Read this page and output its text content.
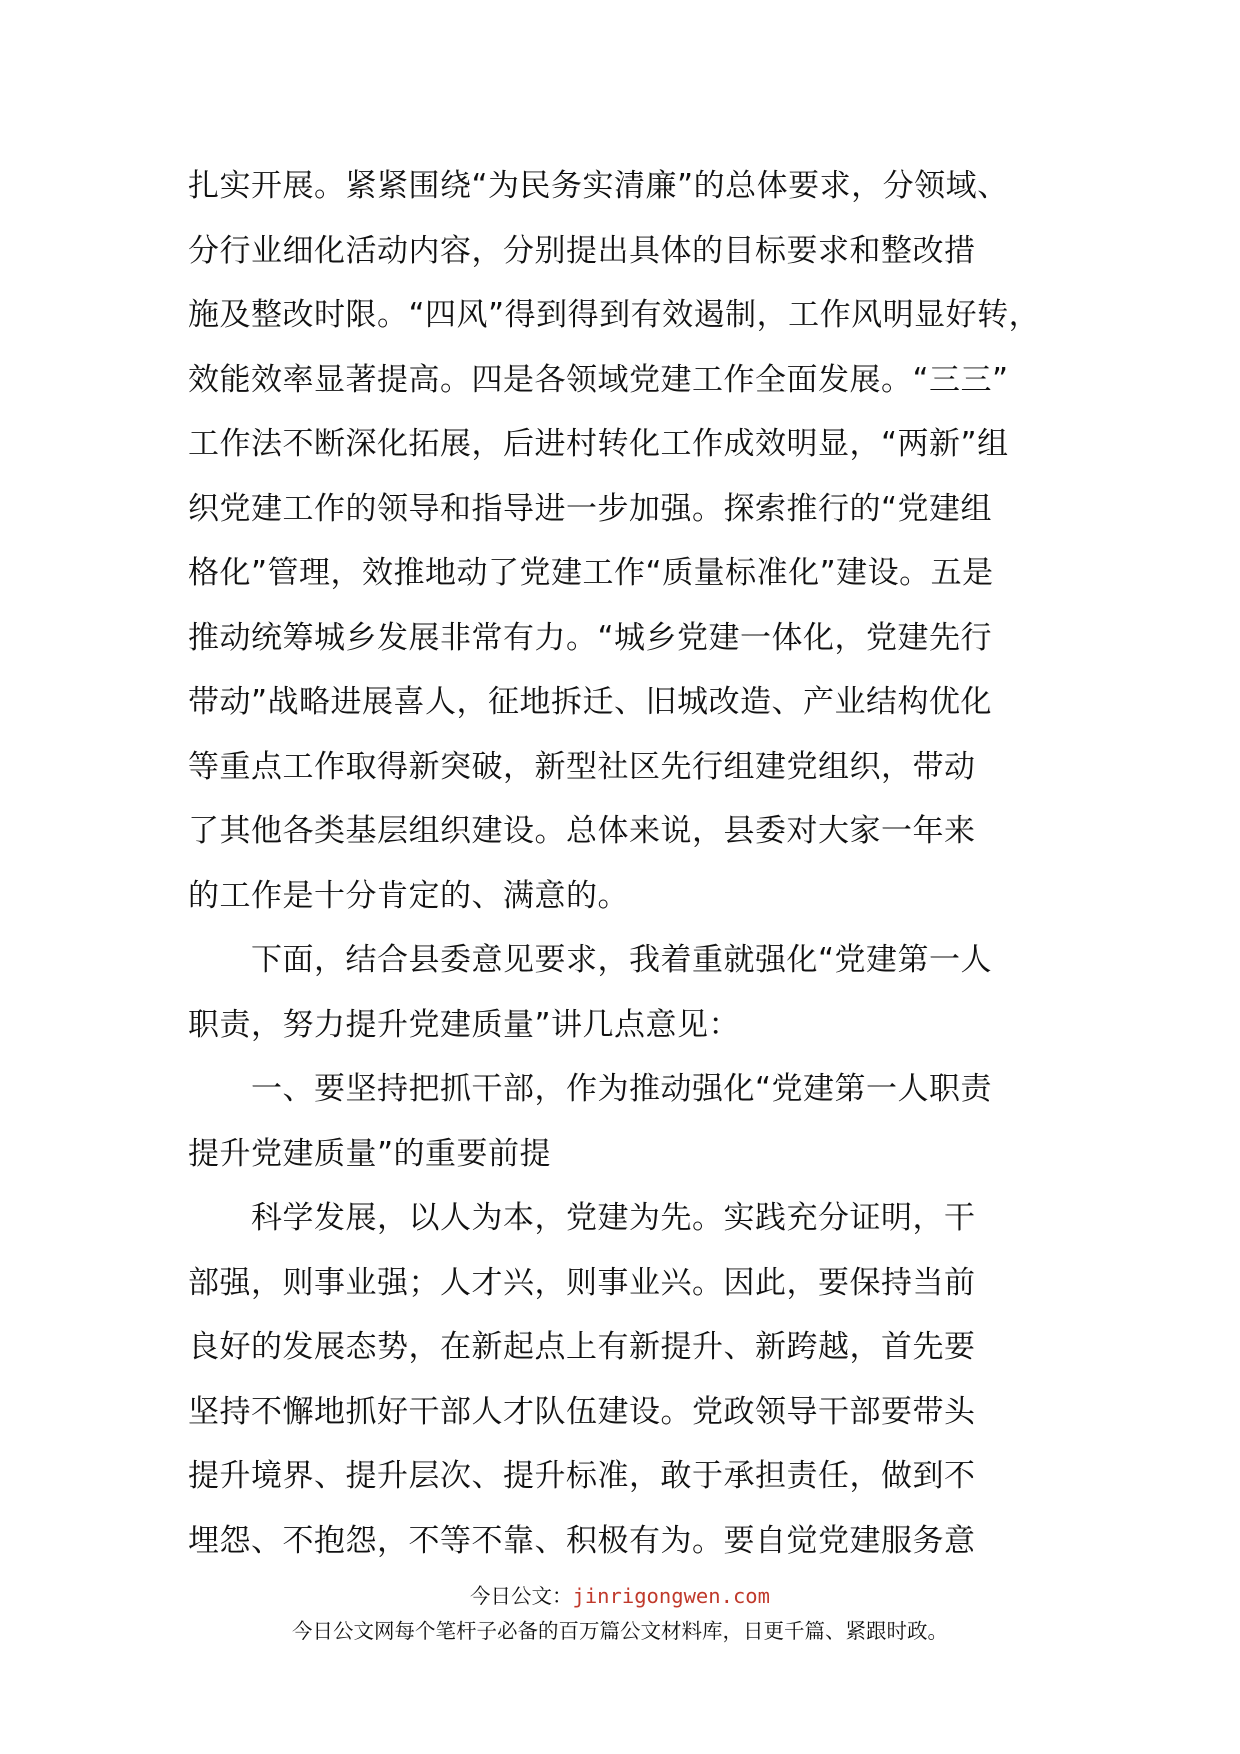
扎实开展。紧紧围绕“为民务实清廉”的总体要求，分领域、
分行业细化活动内容，分别提出具体的目标要求和整改措
施及整改时限。“四风”得到得到有效遏制，工作风明显好转，
效能效率显著提高。四是各领域党建工作全面发展。“三三”
工作法不断深化拓展，后进村转化工作成效明显，“两新”组
织党建工作的领导和指导进一步加强。探索推行的“党建组
格化”管理，效推地动了党建工作“质量标准化”建设。五是
推动统筹城乡发展非常有力。“城乡党建一体化，党建先行
带动”战略进展喜人，征地拆迁、旧城改造、产业结构优化
等重点工作取得新突破，新型社区先行组建党组织，带动
了其他各类基层组织建设。总体来说，县委对大家一年来
的工作是十分肯定的、满意的。
　　下面，结合县委意见要求，我着重就强化“党建第一人
职责，努力提升党建质量”讲几点意见：
　　一、要坚持把抓干部，作为推动强化“党建第一人职责
提升党建质量”的重要前提
　　科学发展，以人为本，党建为先。实践充分证明，干
部强，则事业强；人才兴，则事业兴。因此，要保持当前
良好的发展态势，在新起点上有新提升、新跨越，首先要
坚持不懈地抓好干部人才队伍建设。党政领导干部要带头
提升境界、提升层次、提升标准，敢于承担责任，做到不
埋怨、不抱怨，不等不靠、积极有为。要自觉党建服务意
今日公文：jinrigongwen.com
今日公文网每个笔杆子必备的百万篇公文材料库，日更千篇、紧跟时政。
